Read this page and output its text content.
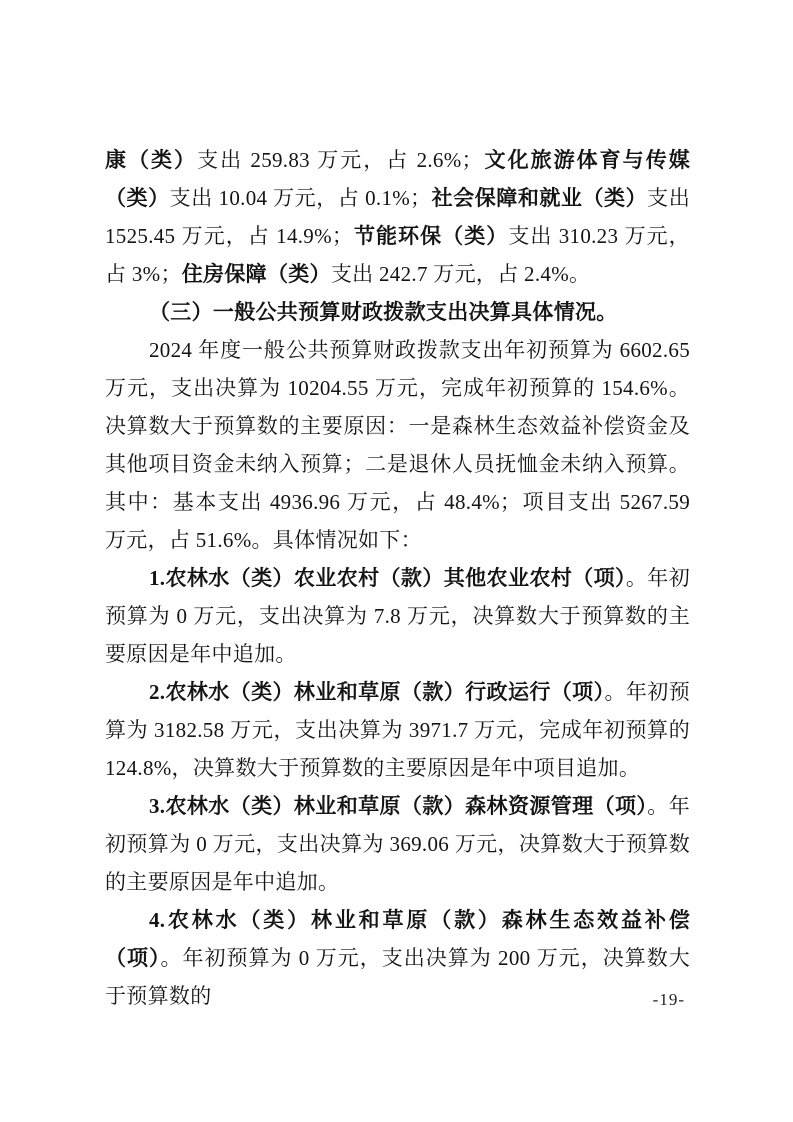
康（类）支出 259.83 万元，占 2.6%；文化旅游体育与传媒（类）支出 10.04 万元，占 0.1%；社会保障和就业（类）支出 1525.45 万元，占 14.9%；节能环保（类）支出 310.23 万元，占 3%；住房保障（类）支出 242.7 万元，占 2.4%。

（三）一般公共预算财政拨款支出决算具体情况。

2024 年度一般公共预算财政拨款支出年初预算为 6602.65 万元，支出决算为 10204.55 万元，完成年初预算的 154.6%。决算数大于预算数的主要原因：一是森林生态效益补偿资金及其他项目资金未纳入预算；二是退休人员抚恤金未纳入预算。其中：基本支出 4936.96 万元，占 48.4%；项目支出 5267.59 万元，占 51.6%。具体情况如下：

1.农林水（类）农业农村（款）其他农业农村（项）。年初预算为 0 万元，支出决算为 7.8 万元，决算数大于预算数的主要原因是年中追加。

2.农林水（类）林业和草原（款）行政运行（项）。年初预算为 3182.58 万元，支出决算为 3971.7 万元，完成年初预算的 124.8%，决算数大于预算数的主要原因是年中项目追加。

3.农林水（类）林业和草原（款）森林资源管理（项）。年初预算为 0 万元，支出决算为 369.06 万元，决算数大于预算数的主要原因是年中追加。

4.农林水（类）林业和草原（款）森林生态效益补偿（项）。年初预算为 0 万元，支出决算为 200 万元，决算数大于预算数的	-19-
